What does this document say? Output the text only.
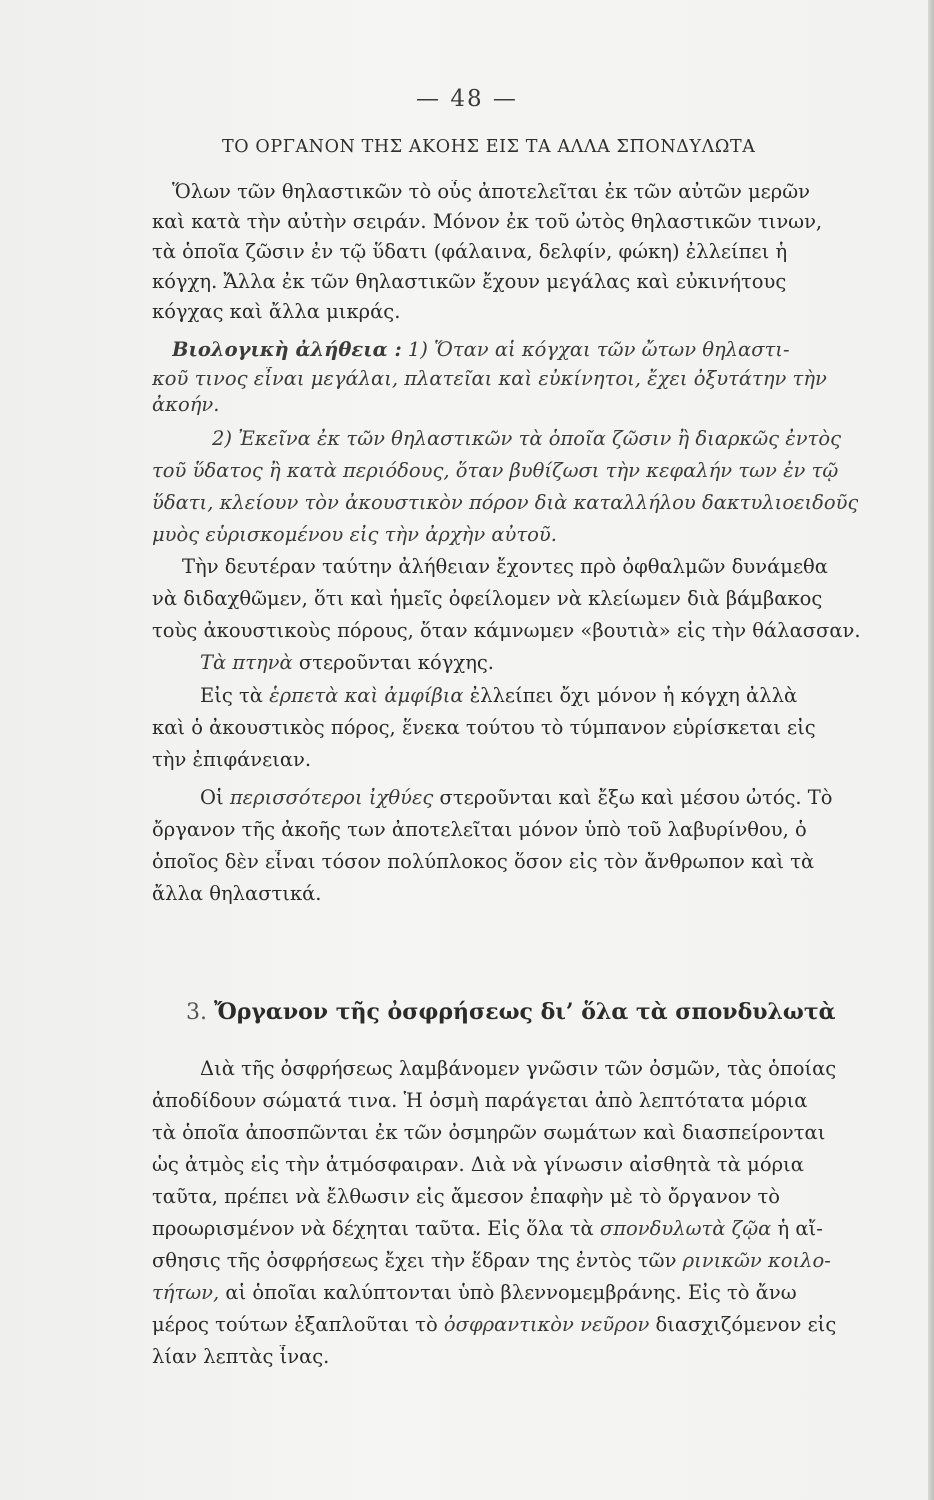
— 48 —
ΤΟ ΟΡΓΑΝΟΝ ΤΗΣ ΑΚΟΗΣ ΕΙΣ ΤΑ ΑΛΛΑ ΣΠΟΝΔΥΛΩΤΑ
Ὅλων τῶν θηλαστικῶν τὸ οὖς ἀποτελεῖται ἐκ τῶν αὐτῶν μερῶν
καὶ κατὰ τὴν αὐτὴν σειράν. Μόνον ἐκ τοῦ ὠτὸς θηλαστικῶν τινων,
τὰ ὁποῖα ζῶσιν ἐν τῷ ὕδατι (φάλαινα, δελφίν, φώκη) ἐλλείπει ἡ
κόγχη. Ἄλλα ἐκ τῶν θηλαστικῶν ἔχουν μεγάλας καὶ εὐκινήτους
κόγχας καὶ ἄλλα μικράς.
Βιολογικὴ ἀλήθεια : 1) Ὅταν αἱ κόγχαι τῶν ὤτων θηλαστι-
κοῦ τινος εἶναι μεγάλαι, πλατεῖαι καὶ εὐκίνητοι, ἔχει ὀξυτάτην τὴν
ἀκοήν.
2) Ἐκεῖνα ἐκ τῶν θηλαστικῶν τὰ ὁποῖα ζῶσιν ἢ διαρκῶς ἐντὸς
τοῦ ὕδατος ἢ κατὰ περιόδους, ὅταν βυθίζωσι τὴν κεφαλήν των ἐν τῷ
ὕδατι, κλείουν τὸν ἀκουστικὸν πόρον διὰ καταλλήλου δακτυλιοειδοῦς
μυὸς εὑρισκομένου εἰς τὴν ἀρχὴν αὐτοῦ.
Τὴν δευτέραν ταύτην ἀλήθειαν ἔχοντες πρὸ ὀφθαλμῶν δυνάμεθα
νὰ διδαχθῶμεν, ὅτι καὶ ἡμεῖς ὀφείλομεν νὰ κλείωμεν διὰ βάμβακος
τοὺς ἀκουστικοὺς πόρους, ὅταν κάμνωμεν «βουτιὰ» εἰς τὴν θάλασσαν.
Τὰ πτηνὰ στεροῦνται κόγχης.
Εἰς τὰ ἑρπετὰ καὶ ἀμφίβια ἐλλείπει ὄχι μόνον ἡ κόγχη ἀλλὰ
καὶ ὁ ἀκουστικὸς πόρος, ἕνεκα τούτου τὸ τύμπανον εὑρίσκεται εἰς
τὴν ἐπιφάνειαν.
Οἱ περισσότεροι ἰχθύες στεροῦνται καὶ ἔξω καὶ μέσου ὠτός. Τὸ
ὄργανον τῆς ἀκοῆς των ἀποτελεῖται μόνον ὑπὸ τοῦ λαβυρίνθου, ὁ
ὁποῖος δὲν εἶναι τόσον πολύπλοκος ὅσον εἰς τὸν ἄνθρωπον καὶ τὰ
ἄλλα θηλαστικά.
3. Ὄργανον τῆς ὀσφρήσεως δι’ ὅλα τὰ σπονδυλωτὰ
Διὰ τῆς ὀσφρήσεως λαμβάνομεν γνῶσιν τῶν ὀσμῶν, τὰς ὁποίας
ἀποδίδουν σώματά τινα. Ἡ ὀσμὴ παράγεται ἀπὸ λεπτότατα μόρια
τὰ ὁποῖα ἀποσπῶνται ἐκ τῶν ὀσμηρῶν σωμάτων καὶ διασπείρονται
ὡς ἀτμὸς εἰς τὴν ἀτμόσφαιραν. Διὰ νὰ γίνωσιν αἰσθητὰ τὰ μόρια
ταῦτα, πρέπει νὰ ἔλθωσιν εἰς ἄμεσον ἐπαφὴν μὲ τὸ ὄργανον τὸ
προωρισμένον νὰ δέχηται ταῦτα. Εἰς ὅλα τὰ σπονδυλωτὰ ζῷα ἡ αἴ-
σθησις τῆς ὀσφρήσεως ἔχει τὴν ἕδραν της ἐντὸς τῶν ρινικῶν κοιλο-
τήτων, αἱ ὁποῖαι καλύπτονται ὑπὸ βλεννομεμβράνης. Εἰς τὸ ἄνω
μέρος τούτων ἐξαπλοῦται τὸ ὀσφραντικὸν νεῦρον διασχιζόμενον εἰς
λίαν λεπτὰς ἶνας.
